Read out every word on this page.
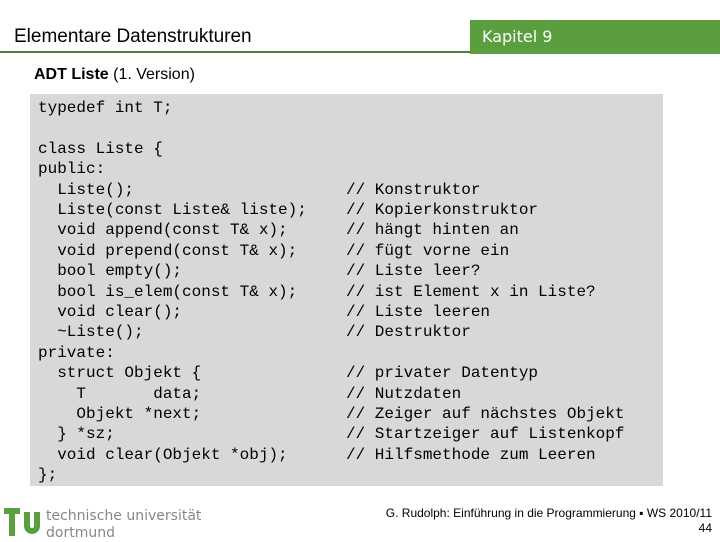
Elementare Datenstrukturen	Kapitel 9
ADT Liste (1. Version)
typedef int T;
class Liste {
public:
Liste();
Liste(const Liste& liste);
void append(const T& x);
void prepend(const T& x);
bool empty();
bool is_elem(const T& x);
void clear();
~Liste();
private:
struct Objekt {
T       data;
Objekt *next;
} *sz;
void clear(Objekt *obj);
};
// Konstruktor
// Kopierkonstruktor
// hängt hinten an
// fügt vorne ein
// Liste leer?
// ist Element x in Liste?
// Liste leeren
// Destruktor
// privater Datentyp
// Nutzdaten
// Zeiger auf nächstes Objekt
// Startzeiger auf Listenkopf
// Hilfsmethode zum Leeren
technische universität
dortmund
G. Rudolph: Einführung in die Programmierung ▪ WS 2010/11
44
